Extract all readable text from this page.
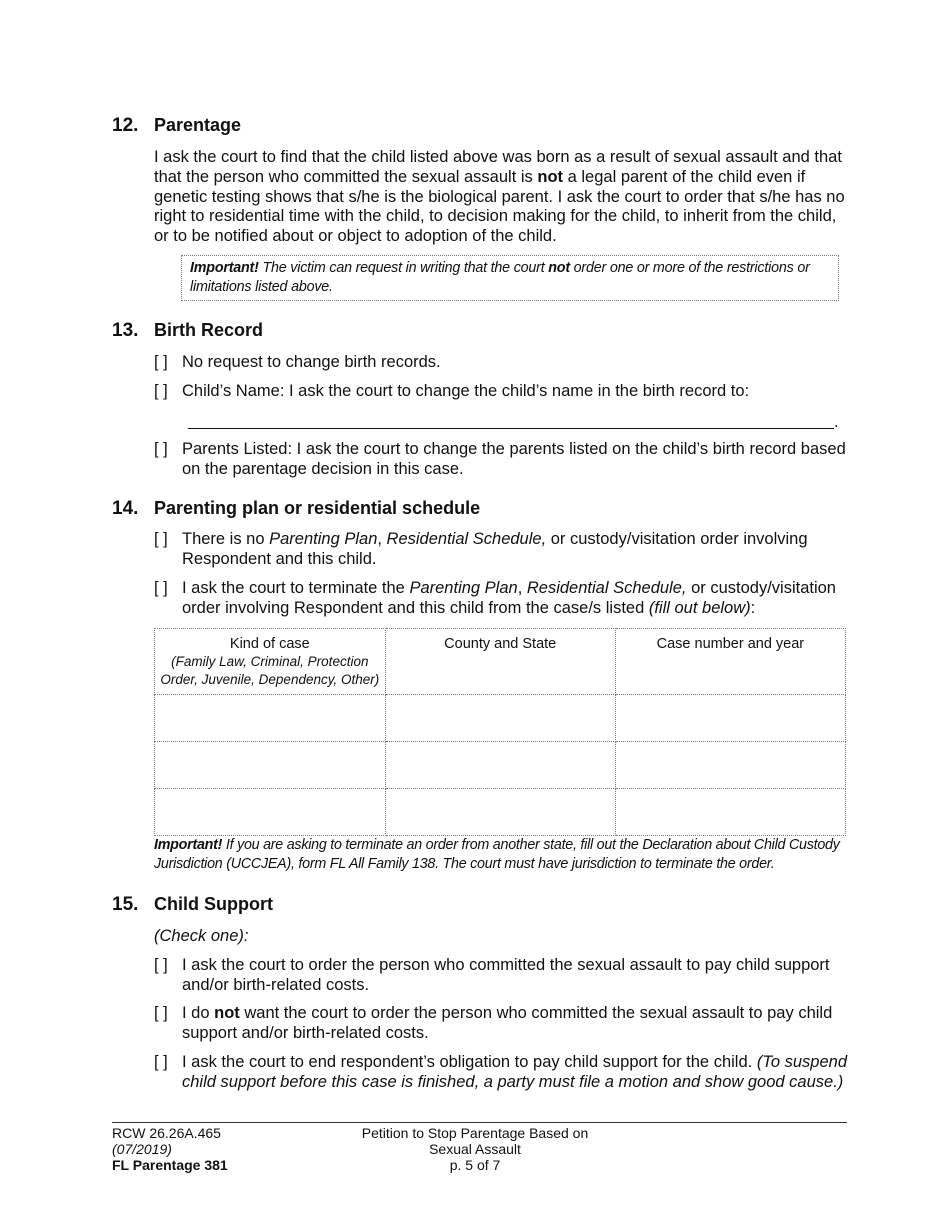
12. Parentage
I ask the court to find that the child listed above was born as a result of sexual assault and that that the person who committed the sexual assault is not a legal parent of the child even if genetic testing shows that s/he is the biological parent. I ask the court to order that s/he has no right to residential time with the child, to decision making for the child, to inherit from the child, or to be notified about or object to adoption of the child.
Important! The victim can request in writing that the court not order one or more of the restrictions or limitations listed above.
13. Birth Record
[ ] No request to change birth records.
[ ] Child’s Name: I ask the court to change the child’s name in the birth record to:
.
[ ] Parents Listed: I ask the court to change the parents listed on the child’s birth record based on the parentage decision in this case.
14. Parenting plan or residential schedule
[ ] There is no Parenting Plan, Residential Schedule, or custody/visitation order involving Respondent and this child.
[ ] I ask the court to terminate the Parenting Plan, Residential Schedule, or custody/visitation order involving Respondent and this child from the case/s listed (fill out below):
Kind of case
(Family Law, Criminal, Protection Order, Juvenile, Dependency, Other)	County and State	Case number and year

Important! If you are asking to terminate an order from another state, fill out the Declaration about Child Custody Jurisdiction (UCCJEA), form FL All Family 138. The court must have jurisdiction to terminate the order.
15. Child Support
(Check one):
[ ] I ask the court to order the person who committed the sexual assault to pay child support and/or birth-related costs.
[ ] I do not want the court to order the person who committed the sexual assault to pay child support and/or birth-related costs.
[ ] I ask the court to end respondent’s obligation to pay child support for the child. (To suspend child support before this case is finished, a party must file a motion and show good cause.)
RCW 26.26A.465
(07/2019)
FL Parentage 381
Petition to Stop Parentage Based on
Sexual Assault
p. 5 of 7
